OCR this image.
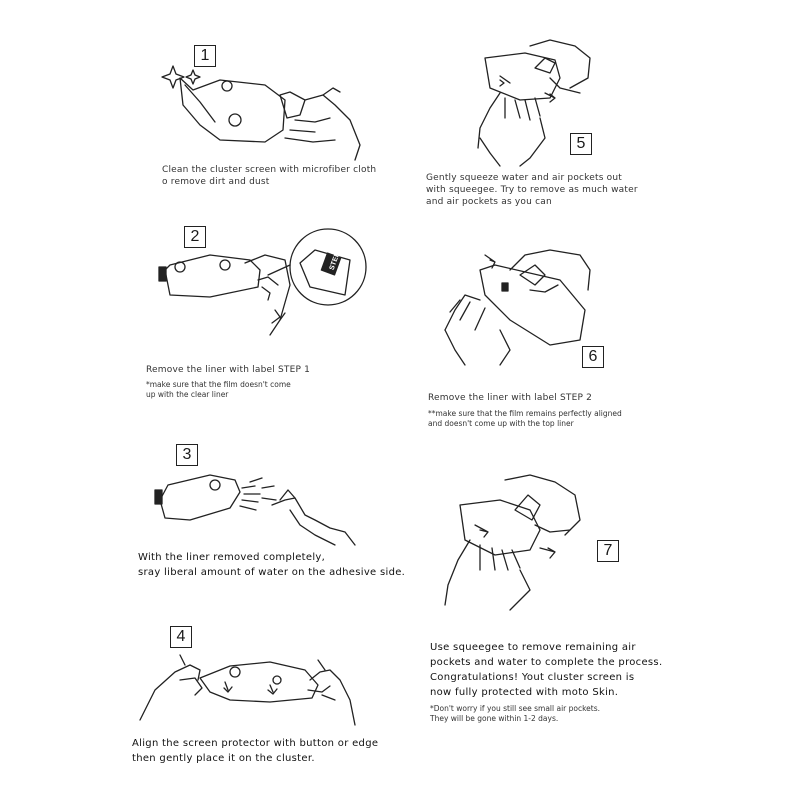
1
Clean the cluster screen with microfiber cloth
o remove dirt and dust
2
STEP 1
Remove the liner with label STEP 1
*make sure that the film doesn't come
up with the clear liner
3
With the liner removed completely,
sray liberal amount of water on the adhesive side.
4
Align the screen protector with button or edge
then gently place it on the cluster.
5
Gently squeeze water and air pockets out
with squeegee. Try to remove as much water
and air pockets as you can
6
Remove the liner with label STEP 2
**make sure that the film remains perfectly aligned
and doesn't come up with the top liner
7
Use squeegee to remove remaining air
pockets and water to complete the process.
Congratulations! Yout cluster screen is
now fully protected with moto Skin.
*Don't worry if you still see small air pockets.
They will be gone within 1-2 days.
